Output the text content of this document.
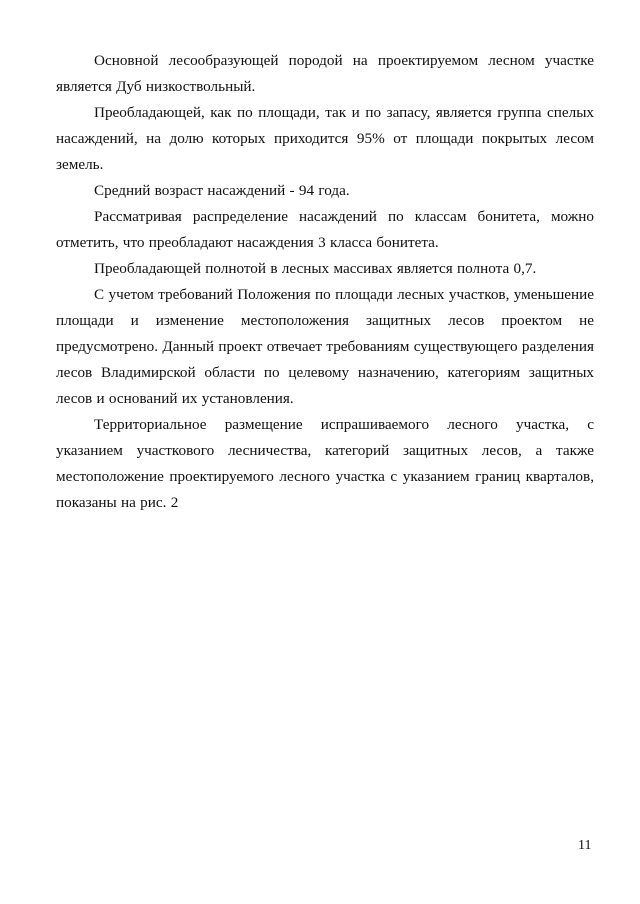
Основной лесообразующей породой на проектируемом лесном участке является Дуб низкоствольный.

Преобладающей, как по площади, так и по запасу, является группа спелых насаждений, на долю которых приходится 95% от площади покрытых лесом земель.

Средний возраст насаждений - 94 года.

Рассматривая распределение насаждений по классам бонитета, можно отметить, что преобладают насаждения 3 класса бонитета.

Преобладающей полнотой в лесных массивах является полнота 0,7.

С учетом требований Положения по площади лесных участков, уменьшение площади и изменение местоположения защитных лесов проектом не предусмотрено. Данный проект отвечает требованиям существующего разделения лесов Владимирской области по целевому назначению, категориям защитных лесов и оснований их установления.

Территориальное размещение испрашиваемого лесного участка, с указанием участкового лесничества, категорий защитных лесов, а также местоположение проектируемого лесного участка с указанием границ кварталов, показаны на рис. 2

11
